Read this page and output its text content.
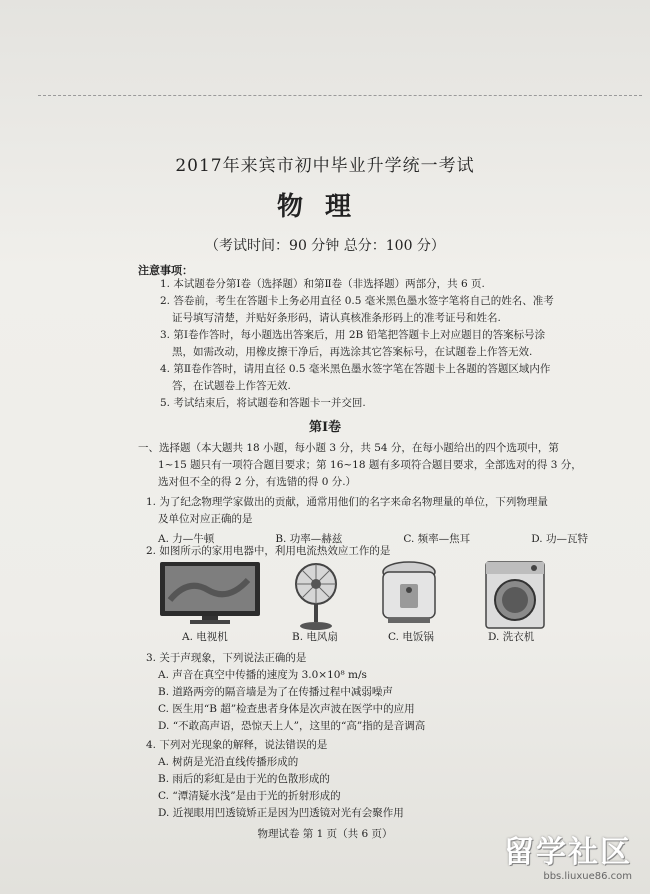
2017年来宾市初中毕业升学统一考试
物理
（考试时间：90 分钟 总分：100 分）
注意事项：
1. 本试题卷分第Ⅰ卷（选择题）和第Ⅱ卷（非选择题）两部分，共 6 页.
2. 答卷前，考生在答题卡上务必用直径 0.5 毫米黑色墨水签字笔将自己的姓名、准考
证号填写清楚，并贴好条形码，请认真核准条形码上的准考证号和姓名.
3. 第Ⅰ卷作答时，每小题选出答案后，用 2B 铅笔把答题卡上对应题目的答案标号涂
黑，如需改动，用橡皮擦干净后，再选涂其它答案标号，在试题卷上作答无效.
4. 第Ⅱ卷作答时，请用直径 0.5 毫米黑色墨水签字笔在答题卡上各题的答题区域内作
答，在试题卷上作答无效.
5. 考试结束后，将试题卷和答题卡一并交回.
第Ⅰ卷
一、选择题（本大题共 18 小题，每小题 3 分，共 54 分，在每小题给出的四个选项中，第
1~15 题只有一项符合题目要求；第 16~18 题有多项符合题目要求，全部选对的得 3 分，
选对但不全的得 2 分，有选错的得 0 分.）
1. 为了纪念物理学家做出的贡献，通常用他们的名字来命名物理量的单位，下列物理量
及单位对应正确的是
A. 力—牛顿	B. 功率—赫兹	C. 频率—焦耳	D. 功—瓦特
2. 如图所示的家用电器中，利用电流热效应工作的是
A. 电视机	B. 电风扇	C. 电饭锅	D. 洗衣机
3. 关于声现象，下列说法正确的是
A. 声音在真空中传播的速度为 3.0×10⁸ m/s
B. 道路两旁的隔音墙是为了在传播过程中减弱噪声
C. 医生用“B 超”检查患者身体是次声波在医学中的应用
D. “不敢高声语，恐惊天上人”，这里的“高”指的是音调高
4. 下列对光现象的解释，说法错误的是
A. 树荫是光沿直线传播形成的
B. 雨后的彩虹是由于光的色散形成的
C. “潭清疑水浅”是由于光的折射形成的
D. 近视眼用凹透镜矫正是因为凹透镜对光有会聚作用
物理试卷 第 1 页（共 6 页）
留学社区
bbs.liuxue86.com
